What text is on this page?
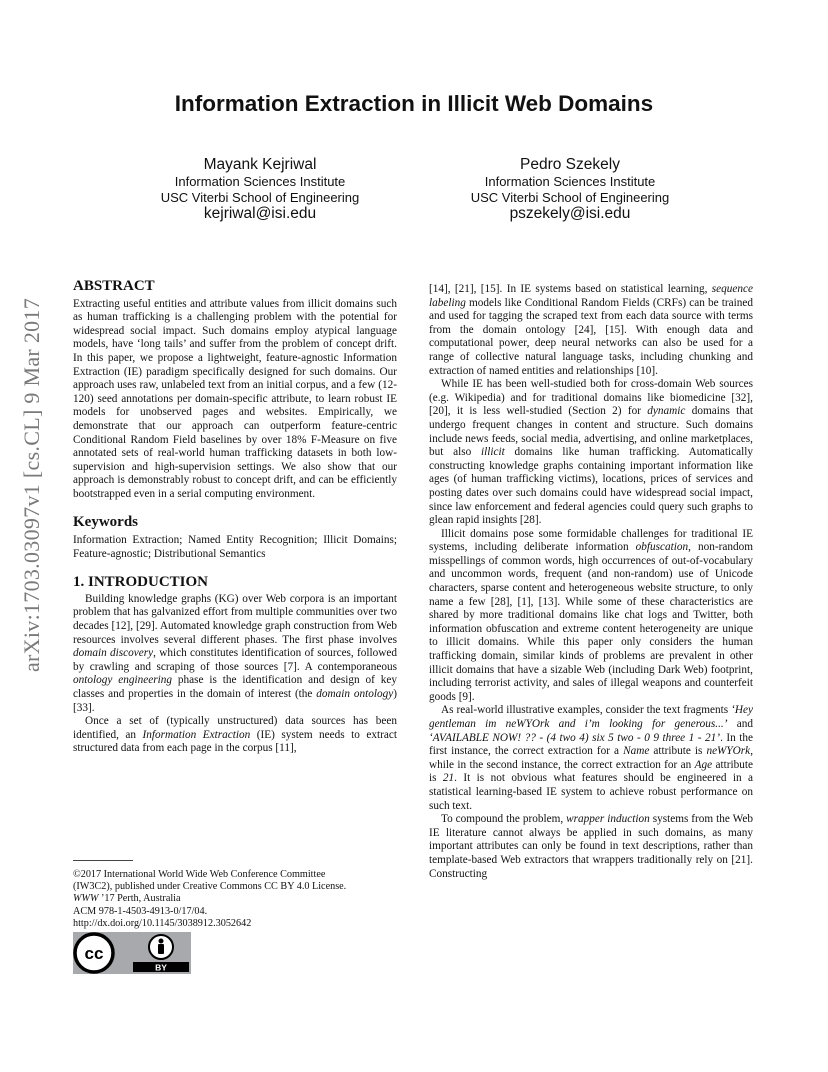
arXiv:1703.03097v1 [cs.CL] 9 Mar 2017
Information Extraction in Illicit Web Domains
Mayank Kejriwal
Information Sciences Institute
USC Viterbi School of Engineering
kejriwal@isi.edu
Pedro Szekely
Information Sciences Institute
USC Viterbi School of Engineering
pszekely@isi.edu
ABSTRACT

Extracting useful entities and attribute values from illicit domains such as human trafficking is a challenging problem with the potential for widespread social impact. Such domains employ atypical language models, have ‘long tails’ and suffer from the problem of concept drift. In this paper, we propose a lightweight, feature-agnostic Information Extraction (IE) paradigm specifically designed for such domains. Our approach uses raw, unlabeled text from an initial corpus, and a few (12-120) seed annotations per domain-specific attribute, to learn robust IE models for unobserved pages and websites. Empirically, we demonstrate that our approach can outperform feature-centric Conditional Random Field baselines by over 18% F-Measure on five annotated sets of real-world human trafficking datasets in both low-supervision and high-supervision settings. We also show that our approach is demonstrably robust to concept drift, and can be efficiently bootstrapped even in a serial computing environment.

Keywords

Information Extraction; Named Entity Recognition; Illicit Domains; Feature-agnostic; Distributional Semantics

1. INTRODUCTION

Building knowledge graphs (KG) over Web corpora is an important problem that has galvanized effort from multiple communities over two decades [12], [29]. Automated knowledge graph construction from Web resources involves several different phases. The first phase involves domain discovery, which constitutes identification of sources, followed by crawling and scraping of those sources [7]. A contemporaneous ontology engineering phase is the identification and design of key classes and properties in the domain of interest (the domain ontology) [33].

Once a set of (typically unstructured) data sources has been identified, an Information Extraction (IE) system needs to extract structured data from each page in the corpus [11],

[14], [21], [15]. In IE systems based on statistical learning, sequence labeling models like Conditional Random Fields (CRFs) can be trained and used for tagging the scraped text from each data source with terms from the domain ontology [24], [15]. With enough data and computational power, deep neural networks can also be used for a range of collective natural language tasks, including chunking and extraction of named entities and relationships [10].

While IE has been well-studied both for cross-domain Web sources (e.g. Wikipedia) and for traditional domains like biomedicine [32], [20], it is less well-studied (Section 2) for dynamic domains that undergo frequent changes in content and structure. Such domains include news feeds, social media, advertising, and online marketplaces, but also illicit domains like human trafficking. Automatically constructing knowledge graphs containing important information like ages (of human trafficking victims), locations, prices of services and posting dates over such domains could have widespread social impact, since law enforcement and federal agencies could query such graphs to glean rapid insights [28].

Illicit domains pose some formidable challenges for traditional IE systems, including deliberate information obfuscation, non-random misspellings of common words, high occurrences of out-of-vocabulary and uncommon words, frequent (and non-random) use of Unicode characters, sparse content and heterogeneous website structure, to only name a few [28], [1], [13]. While some of these characteristics are shared by more traditional domains like chat logs and Twitter, both information obfuscation and extreme content heterogeneity are unique to illicit domains. While this paper only considers the human trafficking domain, similar kinds of problems are prevalent in other illicit domains that have a sizable Web (including Dark Web) footprint, including terrorist activity, and sales of illegal weapons and counterfeit goods [9].

As real-world illustrative examples, consider the text fragments ‘Hey gentleman im neWYOrk and i’m looking for generous...’ and ‘AVAILABLE NOW! ?? - (4 two 4) six 5 two - 0 9 three 1 - 21’. In the first instance, the correct extraction for a Name attribute is neWYOrk, while in the second instance, the correct extraction for an Age attribute is 21. It is not obvious what features should be engineered in a statistical learning-based IE system to achieve robust performance on such text.

To compound the problem, wrapper induction systems from the Web IE literature cannot always be applied in such domains, as many important attributes can only be found in text descriptions, rather than template-based Web extractors that wrappers traditionally rely on [21]. Constructing

©2017 International World Wide Web Conference Committee
(IW3C2), published under Creative Commons CC BY 4.0 License.
WWW ’17 Perth, Australia
ACM 978-1-4503-4913-0/17/04.
http://dx.doi.org/10.1145/3038912.3052642
cc
BY
